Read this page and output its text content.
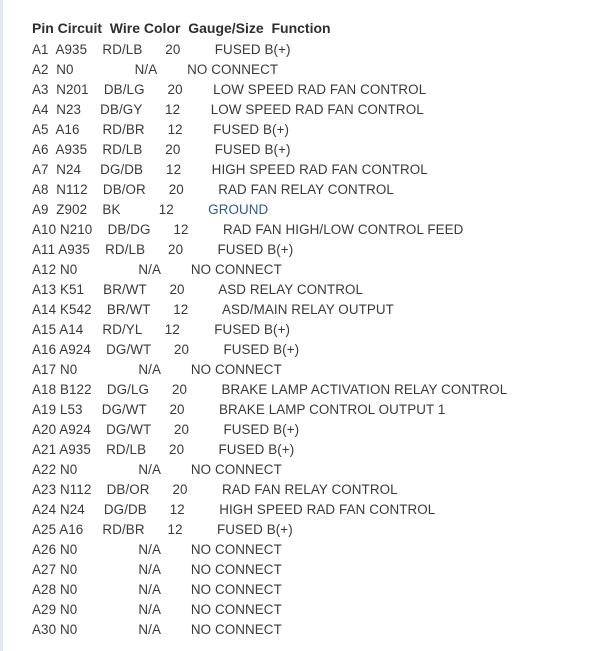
Pin Circuit  Wire Color  Gauge/Size  Function
A1  A935    RD/LB      20         FUSED B(+)
A2  N0                N/A        NO CONNECT
A3  N201    DB/LG      20        LOW SPEED RAD FAN CONTROL
A4  N23     DB/GY      12        LOW SPEED RAD FAN CONTROL
A5  A16      RD/BR      12        FUSED B(+)
A6  A935    RD/LB      20         FUSED B(+)
A7  N24     DG/DB      12        HIGH SPEED RAD FAN CONTROL
A8  N112    DB/OR      20         RAD FAN RELAY CONTROL
A9  Z902    BK          12         GROUND
A10 N210    DB/DG      12         RAD FAN HIGH/LOW CONTROL FEED
A11 A935    RD/LB      20         FUSED B(+)
A12 N0                N/A        NO CONNECT
A13 K51     BR/WT      20         ASD RELAY CONTROL
A14 K542    BR/WT      12         ASD/MAIN RELAY OUTPUT
A15 A14     RD/YL      12         FUSED B(+)
A16 A924    DG/WT      20         FUSED B(+)
A17 N0                N/A        NO CONNECT
A18 B122    DG/LG      20         BRAKE LAMP ACTIVATION RELAY CONTROL
A19 L53     DG/WT      20         BRAKE LAMP CONTROL OUTPUT 1
A20 A924    DG/WT      20         FUSED B(+)
A21 A935    RD/LB      20         FUSED B(+)
A22 N0                N/A        NO CONNECT
A23 N112    DB/OR      20         RAD FAN RELAY CONTROL
A24 N24     DG/DB      12         HIGH SPEED RAD FAN CONTROL
A25 A16     RD/BR      12         FUSED B(+)
A26 N0                N/A        NO CONNECT
A27 N0                N/A        NO CONNECT
A28 N0                N/A        NO CONNECT
A29 N0                N/A        NO CONNECT
A30 N0                N/A        NO CONNECT
